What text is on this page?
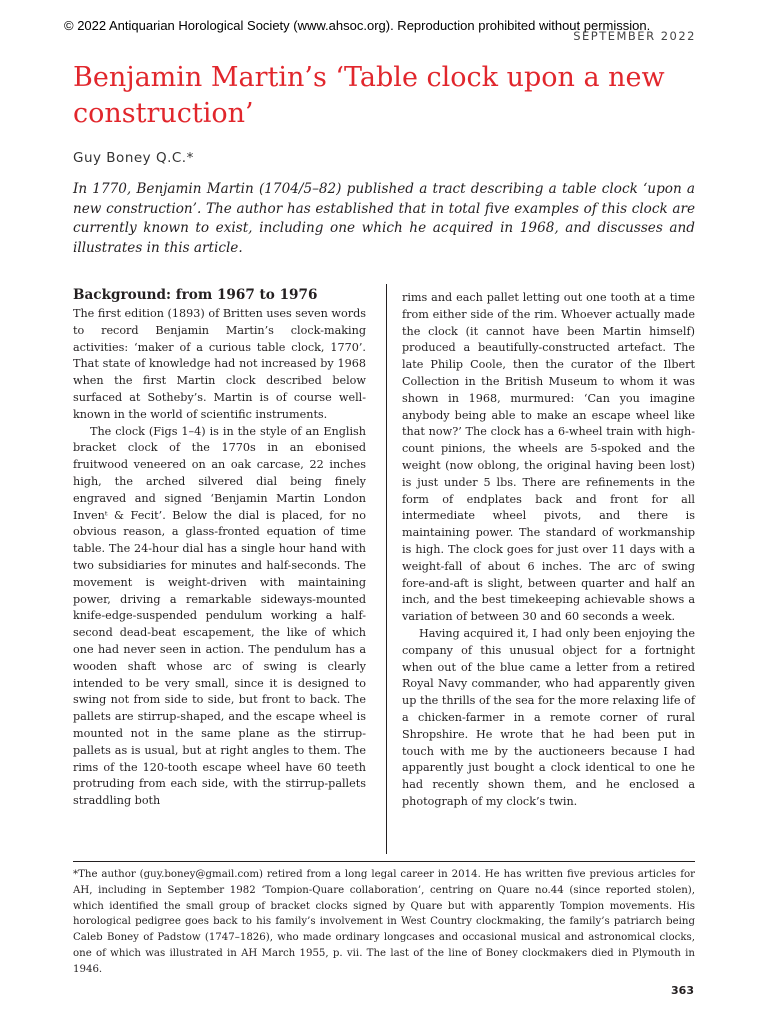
© 2022 Antiquarian Horological Society (www.ahsoc.org). Reproduction prohibited without permission.
SEPTEMBER 2022
Benjamin Martin’s ‘Table clock upon a new construction’
Guy Boney Q.C.*
In 1770, Benjamin Martin (1704/5–82) published a tract describing a table clock ‘upon a new construction’. The author has established that in total five examples of this clock are currently known to exist, including one which he acquired in 1968, and discusses and illustrates in this article.
Background: from 1967 to 1976

The first edition (1893) of Britten uses seven words to record Benjamin Martin’s clock-making activities: ‘maker of a curious table clock, 1770’. That state of knowledge had not increased by 1968 when the first Martin clock described below surfaced at Sotheby’s. Martin is of course well-known in the world of scientific instruments.

The clock (Figs 1–4) is in the style of an English bracket clock of the 1770s in an ebonised fruitwood veneered on an oak carcase, 22 inches high, the arched silvered dial being finely engraved and signed ‘Benjamin Martin London Invenᵗ & Fecit’. Below the dial is placed, for no obvious reason, a glass-fronted equation of time table. The 24-hour dial has a single hour hand with two subsidiaries for minutes and half-seconds. The movement is weight-driven with maintaining power, driving a remarkable sideways-mounted knife-edge-suspended pendulum working a half-second dead-beat escapement, the like of which one had never seen in action. The pendulum has a wooden shaft whose arc of swing is clearly intended to be very small, since it is designed to swing not from side to side, but front to back. The pallets are stirrup-shaped, and the escape wheel is mounted not in the same plane as the stirrup-pallets as is usual, but at right angles to them. The rims of the 120-tooth escape wheel have 60 teeth protruding from each side, with the stirrup-pallets straddling both

rims and each pallet letting out one tooth at a time from either side of the rim. Whoever actually made the clock (it cannot have been Martin himself) produced a beautifully-constructed artefact. The late Philip Coole, then the curator of the Ilbert Collection in the British Museum to whom it was shown in 1968, murmured: ‘Can you imagine anybody being able to make an escape wheel like that now?’ The clock has a 6-wheel train with high-count pinions, the wheels are 5-spoked and the weight (now oblong, the original having been lost) is just under 5 lbs. There are refinements in the form of endplates back and front for all intermediate wheel pivots, and there is maintaining power. The standard of workmanship is high. The clock goes for just over 11 days with a weight-fall of about 6 inches. The arc of swing fore-and-aft is slight, between quarter and half an inch, and the best timekeeping achievable shows a variation of between 30 and 60 seconds a week.

Having acquired it, I had only been enjoying the company of this unusual object for a fortnight when out of the blue came a letter from a retired Royal Navy commander, who had apparently given up the thrills of the sea for the more relaxing life of a chicken-farmer in a remote corner of rural Shropshire. He wrote that he had been put in touch with me by the auctioneers because I had apparently just bought a clock identical to one he had recently shown them, and he enclosed a photograph of my clock’s twin.

*The author (guy.boney@gmail.com) retired from a long legal career in 2014. He has written five previous articles for AH, including in September 1982 ‘Tompion-Quare collaboration’, centring on Quare no.44 (since reported stolen), which identified the small group of bracket clocks signed by Quare but with apparently Tompion movements. His horological pedigree goes back to his family’s involvement in West Country clockmaking, the family’s patriarch being Caleb Boney of Padstow (1747–1826), who made ordinary longcases and occasional musical and astronomical clocks, one of which was illustrated in AH March 1955, p. vii. The last of the line of Boney clockmakers died in Plymouth in 1946.

363
